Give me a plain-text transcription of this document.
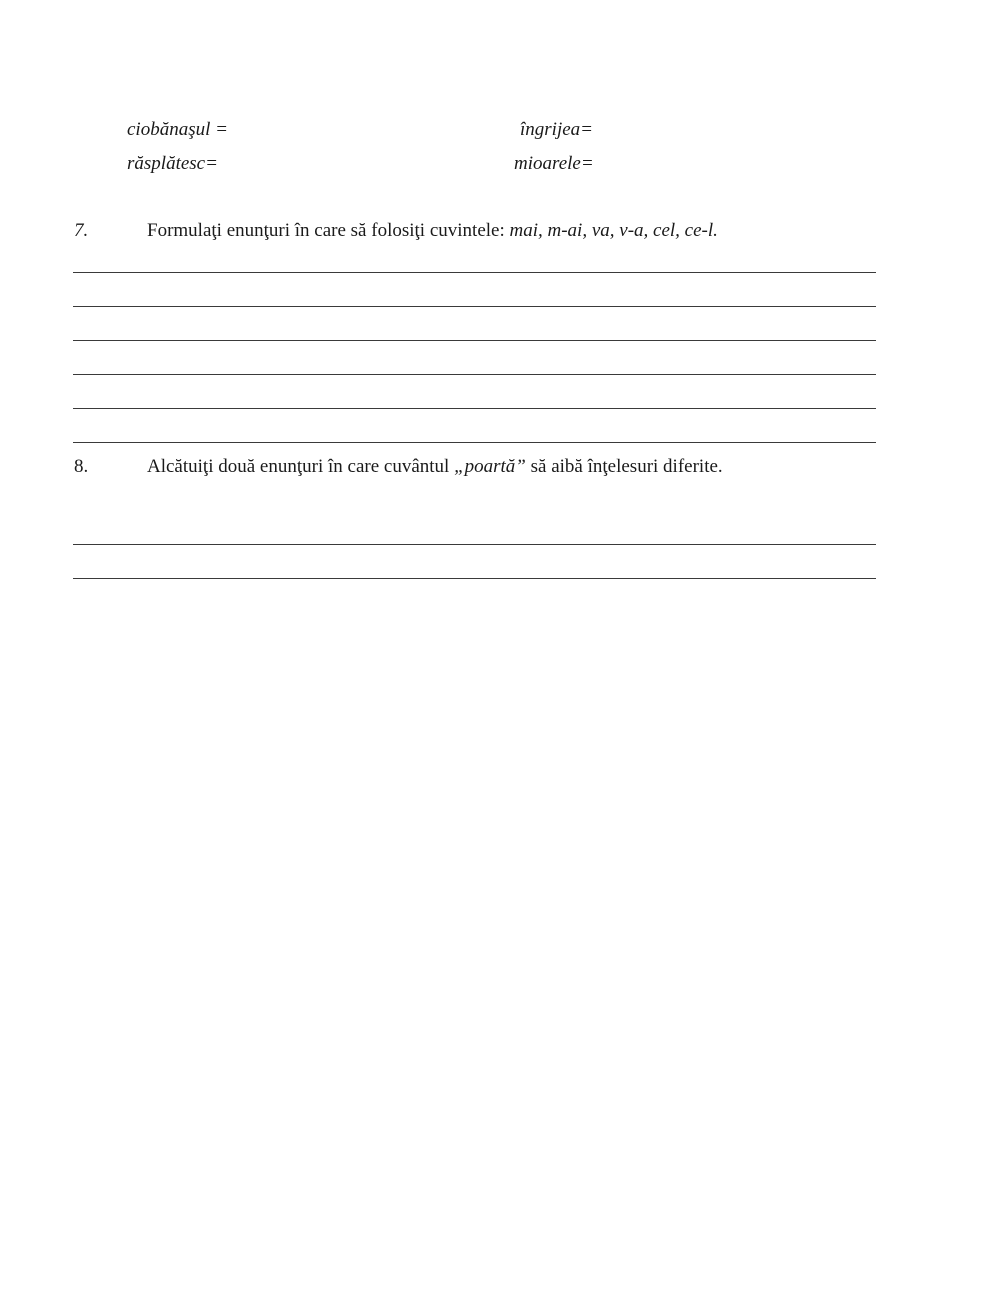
ciobănaşul =	îngrijea=
răsplătesc=	mioarele=
7.	Formulaţi enunţuri în care să folosiţi cuvintele: mai, m-ai, va, v-a, cel, ce-l.
8.	Alcătuiţi două enunţuri în care cuvântul „poartă” să aibă înţelesuri diferite.
